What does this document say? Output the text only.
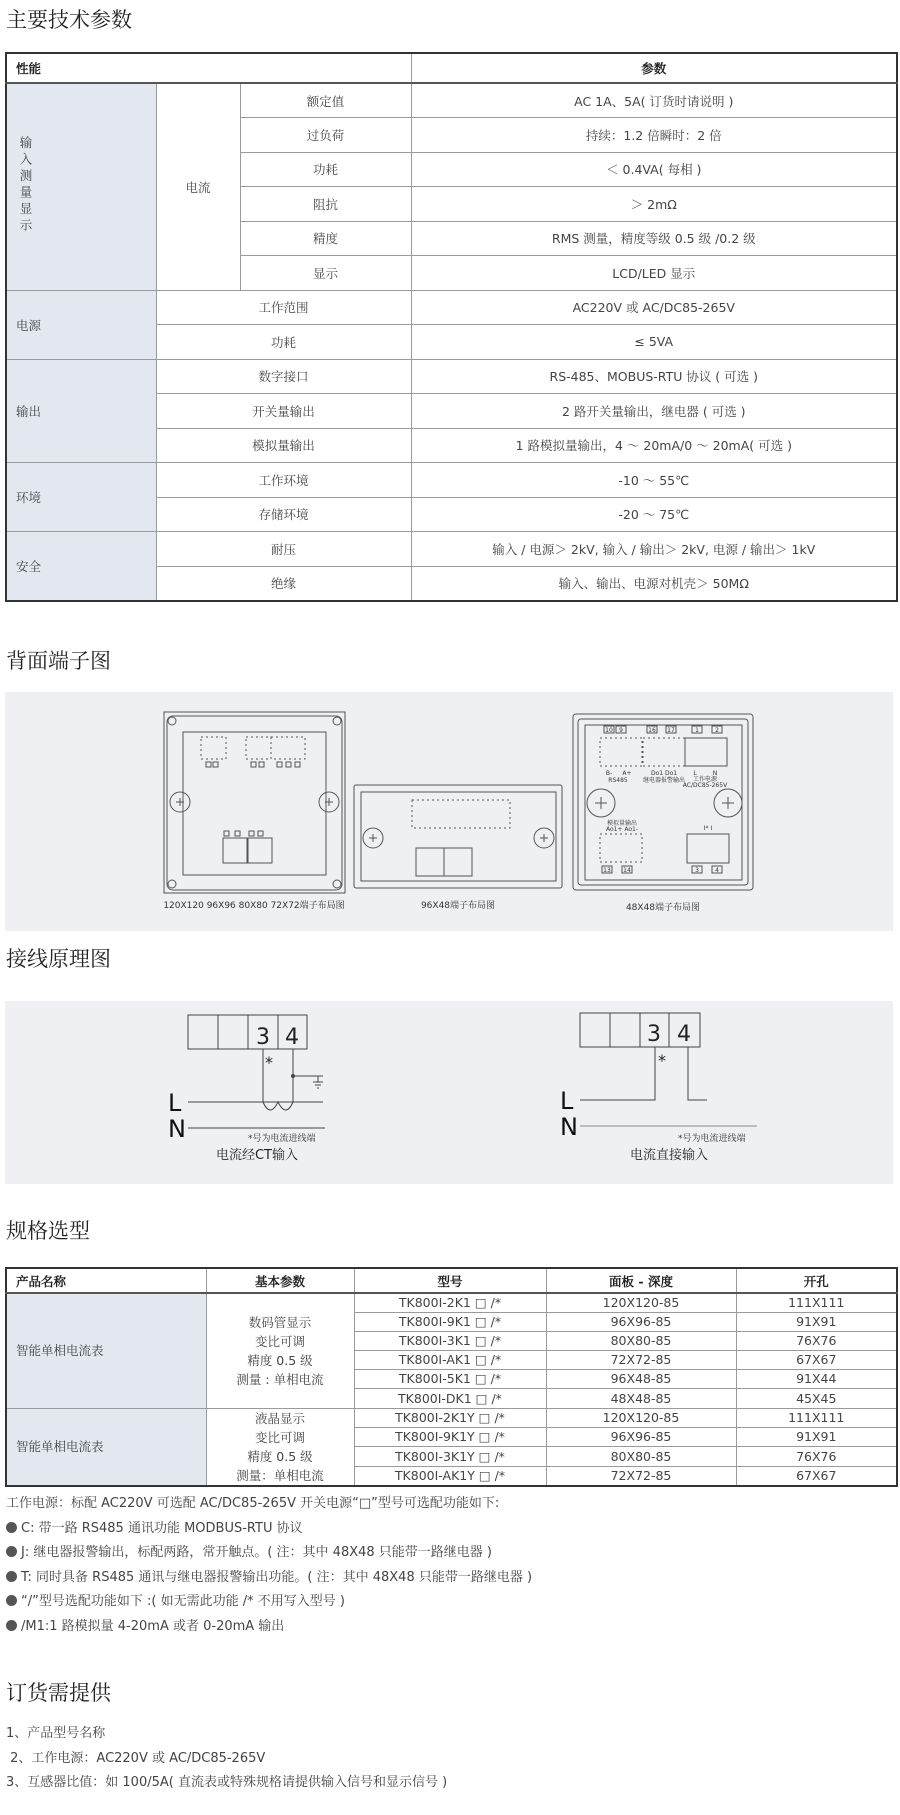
主要技术参数
性能			参数
输入测量显示	电流	额定值	AC 1A、5A( 订货时请说明 )
		过负荷	持续：1.2 倍瞬时：2 倍
		功耗	＜ 0.4VA( 每相 )
		阻抗	＞ 2mΩ
		精度	RMS 测量，精度等级 0.5 级 /0.2 级
		显示	LCD/LED 显示
电源	工作范围		AC220V 或 AC/DC85-265V
	功耗		≤ 5VA
输出	数字接口		RS-485、MOBUS-RTU 协议 ( 可选 )
	开关量输出		2 路开关量输出，继电器 ( 可选 )
	模拟量输出		1 路模拟量输出，4 ～ 20mA/0 ～ 20mA( 可选 )
环境	工作环境		-10 ～ 55℃
	存储环境		-20 ～ 75℃
安全	耐压		输入 / 电源＞ 2kV, 输入 / 输出＞ 2kV, 电源 / 输出＞ 1kV
	绝缘		输入、输出、电源对机壳＞ 50MΩ
背面端子图
120X120 96X96 80X80 72X72端子布局图	96X48端子布局图
10 9	16 17	1	2
13 14	3	4
B- A+
RS485
Do1 Do1
继电器报警输出
L	N
工作电源
AC/DC85-265V
模拟量输出
Ao1+ Ao1-	I* I
48X48端子布局图
接线原理图
3 4
*
L
N	*号为电流进线端
电流经CT输入
3 4
*
L
N	*号为电流进线端
电流直接输入
规格选型
产品名称	基本参数	型号	面板 - 深度	开孔
智能单相电流表	数码管显示
变比可调
精度 0.5 级
测量 : 单相电流	TK800I-2K1 □ /*	120X120-85	111X111
		TK800I-9K1 □ /*	96X96-85	91X91
		TK800I-3K1 □ /*	80X80-85	76X76
		TK800I-AK1 □ /*	72X72-85	67X67
		TK800I-5K1 □ /*	96X48-85	91X44
		TK800I-DK1 □ /*	48X48-85	45X45
智能单相电流表	液晶显示
变比可调
精度 0.5 级
测量：单相电流	TK800I-2K1Y □ /*	120X120-85	111X111
		TK800I-9K1Y □ /*	96X96-85	91X91
		TK800I-3K1Y □ /*	80X80-85	76X76
		TK800I-AK1Y □ /*	72X72-85	67X67
工作电源：标配 AC220V 可选配 AC/DC85-265V 开关电源“□”型号可选配功能如下:
C: 带一路 RS485 通讯功能 MODBUS-RTU 协议
J: 继电器报警输出，标配两路，常开触点。( 注：其中 48X48 只能带一路继电器 )
T: 同时具备 RS485 通讯与继电器报警输出功能。( 注：其中 48X48 只能带一路继电器 )
“/”型号选配功能如下 :( 如无需此功能 /* 不用写入型号 )
/M1:1 路模拟量 4-20mA 或者 0-20mA 输出
订货需提供
1、产品型号名称
2、工作电源：AC220V 或 AC/DC85-265V
3、互感器比值：如 100/5A( 直流表或特殊规格请提供输入信号和显示信号 )
